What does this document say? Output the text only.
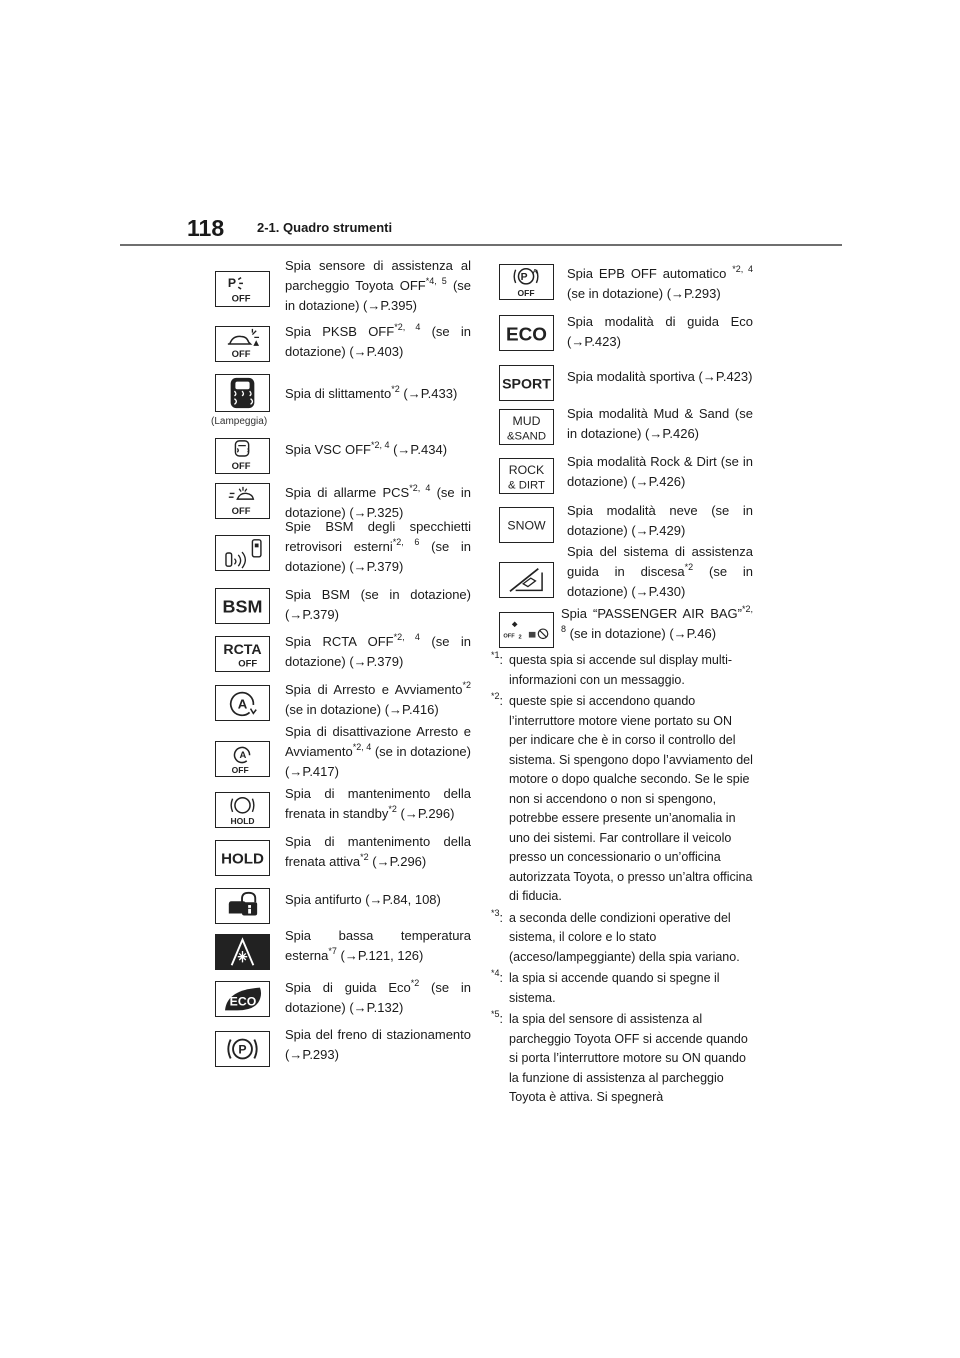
118	2-1. Quadro strumenti
P
OFF
Spia sensore di assistenza al parcheggio Toyota OFF$^{*4, 5}$ (se in dotazione) (→P.395)
OFF
Spia PKSB OFF$^{*2, 4}$ (se in dotazione) (→P.403)
(Lampeggia)
Spia di slittamento$^{*2}$ (→P.433)
OFF
Spia VSC OFF$^{*2, 4}$ (→P.434)
OFF
Spia di allarme PCS$^{*2, 4}$ (se in dotazione) (→P.325)
Spie BSM degli specchietti retrovisori esterni$^{*2, 6}$ (se in dotazione) (→P.379)
BSM
Spia BSM (se in dotazione) (→P.379)
RCTA
OFF
Spia RCTA OFF$^{*2, 4}$ (se in dotazione) (→P.379)
A
Spia di Arresto e Avviamento$^{*2}$ (se in dotazione) (→P.416)
A
OFF
Spia di disattivazione Arresto e Avviamento$^{*2, 4}$ (se in dotazione) (→P.417)
HOLD
Spia di mantenimento della frenata in standby$^{*2}$ (→P.296)
HOLD
Spia di mantenimento della frenata attiva$^{*2}$ (→P.296)
Spia antifurto (→P.84, 108)
Spia bassa temperatura esterna$^{*7}$ (→P.121, 126)
ECO
Spia di guida Eco$^{*2}$ (se in dotazione) (→P.132)
P
Spia del freno di stazionamento (→P.293)
P
A
OFF
Spia EPB OFF automatico $^{*2, 4}$ (se in dotazione) (→P.293)
ECO
Spia modalità di guida Eco (→P.423)
SPORT
Spia modalità sportiva (→P.423)
MUD
&SAND
Spia modalità Mud & Sand (se in dotazione) (→P.426)
ROCK
& DIRT
Spia modalità Rock & Dirt (se in dotazione) (→P.426)
SNOW
Spia modalità neve (se in dotazione) (→P.429)
Spia del sistema di assistenza guida in discesa$^{*2}$ (se in dotazione) (→P.430)
OFF 2
Spia “PASSENGER AIR BAG”$^{*2, 8}$ (se in dotazione) (→P.46)
$^{*1}$: questa spia si accende sul display multi-informazioni con un messaggio.
$^{*2}$: queste spie si accendono quando l’interruttore motore viene portato su ON per indicare che è in corso il controllo del sistema. Si spengono dopo l’avviamento del motore o dopo qualche secondo. Se le spie non si accendono o non si spengono, potrebbe essere presente un’anomalia in uno dei sistemi. Far controllare il veicolo presso un concessionario o un’officina autorizzata Toyota, o presso un’altra officina di fiducia.
$^{*3}$: a seconda delle condizioni operative del sistema, il colore e lo stato (acceso/lampeggiante) della spia variano.
$^{*4}$: la spia si accende quando si spegne il sistema.
$^{*5}$: la spia del sensore di assistenza al parcheggio Toyota OFF si accende quando si porta l’interruttore motore su ON quando la funzione di assistenza al parcheggio Toyota è attiva. Si spegnerà
